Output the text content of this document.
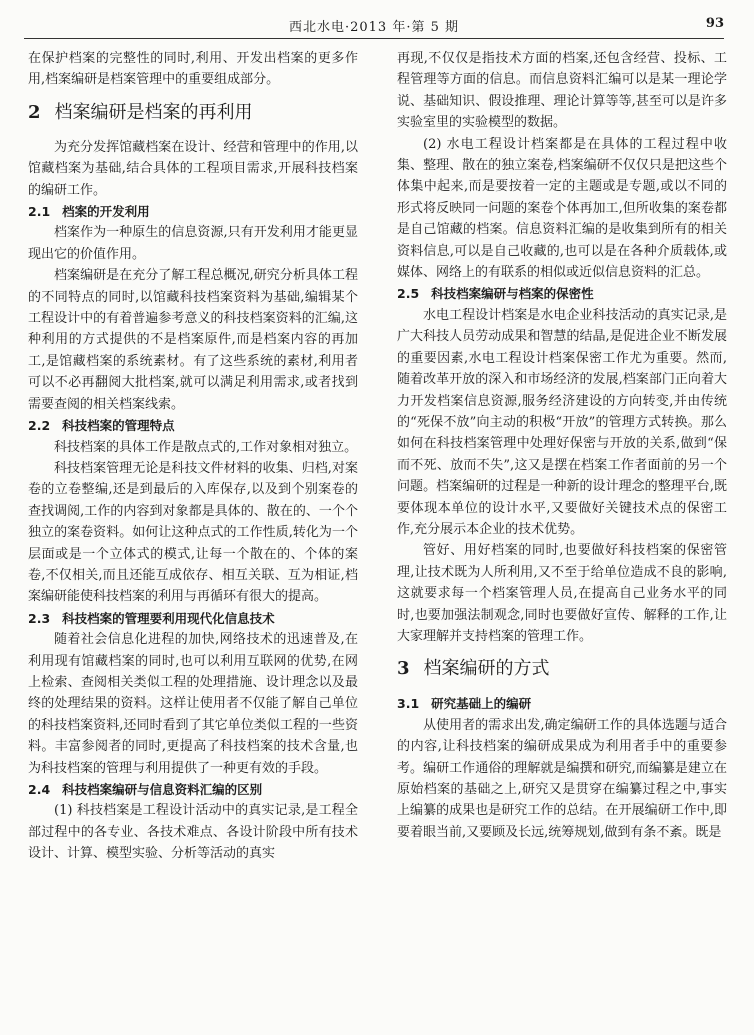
西北水电·2013 年·第 5 期	93

在保护档案的完整性的同时,利用、开发出档案的更多作用,档案编研是档案管理中的重要组成部分。

2 档案编研是档案的再利用

为充分发挥馆藏档案在设计、经营和管理中的作用,以馆藏档案为基础,结合具体的工程项目需求,开展科技档案的编研工作。

2.1 档案的开发利用

档案作为一种原生的信息资源,只有开发利用才能更显现出它的价值作用。

档案编研是在充分了解工程总概况,研究分析具体工程的不同特点的同时,以馆藏科技档案资料为基础,编辑某个工程设计中的有着普遍参考意义的科技档案资料的汇编,这种利用的方式提供的不是档案原件,而是档案内容的再加工,是馆藏档案的系统素材。有了这些系统的素材,利用者可以不必再翻阅大批档案,就可以满足利用需求,或者找到需要查阅的相关档案线索。

2.2 科技档案的管理特点

科技档案的具体工作是散点式的,工作对象相对独立。

科技档案管理无论是科技文件材料的收集、归档,对案卷的立卷整编,还是到最后的入库保存,以及到个别案卷的查找调阅,工作的内容到对象都是具体的、散在的、一个个独立的案卷资料。如何让这种点式的工作性质,转化为一个层面或是一个立体式的模式,让每一个散在的、个体的案卷,不仅相关,而且还能互成依存、相互关联、互为相证,档案编研能使科技档案的利用与再循环有很大的提高。

2.3 科技档案的管理要利用现代化信息技术

随着社会信息化进程的加快,网络技术的迅速普及,在利用现有馆藏档案的同时,也可以利用互联网的优势,在网上检索、查阅相关类似工程的处理措施、设计理念以及最终的处理结果的资料。这样让使用者不仅能了解自己单位的科技档案资料,还同时看到了其它单位类似工程的一些资料。丰富参阅者的同时,更提高了科技档案的技术含量,也为科技档案的管理与利用提供了一种更有效的手段。

2.4 科技档案编研与信息资料汇编的区别

(1) 科技档案是工程设计活动中的真实记录,是工程全部过程中的各专业、各技术难点、各设计阶段中所有技术设计、计算、模型实验、分析等活动的真实

再现,不仅仅是指技术方面的档案,还包含经营、投标、工程管理等方面的信息。而信息资料汇编可以是某一理论学说、基础知识、假设推理、理论计算等等,甚至可以是许多实验室里的实验模型的数据。

(2) 水电工程设计档案都是在具体的工程过程中收集、整理、散在的独立案卷,档案编研不仅仅只是把这些个体集中起来,而是要按着一定的主题或是专题,或以不同的形式将反映同一问题的案卷个体再加工,但所收集的案卷都是自己馆藏的档案。信息资料汇编的是收集到所有的相关资料信息,可以是自己收藏的,也可以是在各种介质载体,或媒体、网络上的有联系的相似或近似信息资料的汇总。

2.5 科技档案编研与档案的保密性

水电工程设计档案是水电企业科技活动的真实记录,是广大科技人员劳动成果和智慧的结晶,是促进企业不断发展的重要因素,水电工程设计档案保密工作尤为重要。然而,随着改革开放的深入和市场经济的发展,档案部门正向着大力开发档案信息资源,服务经济建设的方向转变,并由传统的“死保不放”向主动的积极“开放”的管理方式转换。那么如何在科技档案管理中处理好保密与开放的关系,做到“保而不死、放而不失”,这又是摆在档案工作者面前的另一个问题。档案编研的过程是一种新的设计理念的整理平台,既要体现本单位的设计水平,又要做好关键技术点的保密工作,充分展示本企业的技术优势。

管好、用好档案的同时,也要做好科技档案的保密管理,让技术既为人所利用,又不至于给单位造成不良的影响,这就要求每一个档案管理人员,在提高自己业务水平的同时,也要加强法制观念,同时也要做好宣传、解释的工作,让大家理解并支持档案的管理工作。

3 档案编研的方式
3.1 研究基础上的编研

从使用者的需求出发,确定编研工作的具体选题与适合的内容,让科技档案的编研成果成为利用者手中的重要参考。编研工作通俗的理解就是编撰和研究,而编纂是建立在原始档案的基础之上,研究又是贯穿在编纂过程之中,事实上编纂的成果也是研究工作的总结。在开展编研工作中,即要着眼当前,又要顾及长远,统筹规划,做到有条不紊。既是
